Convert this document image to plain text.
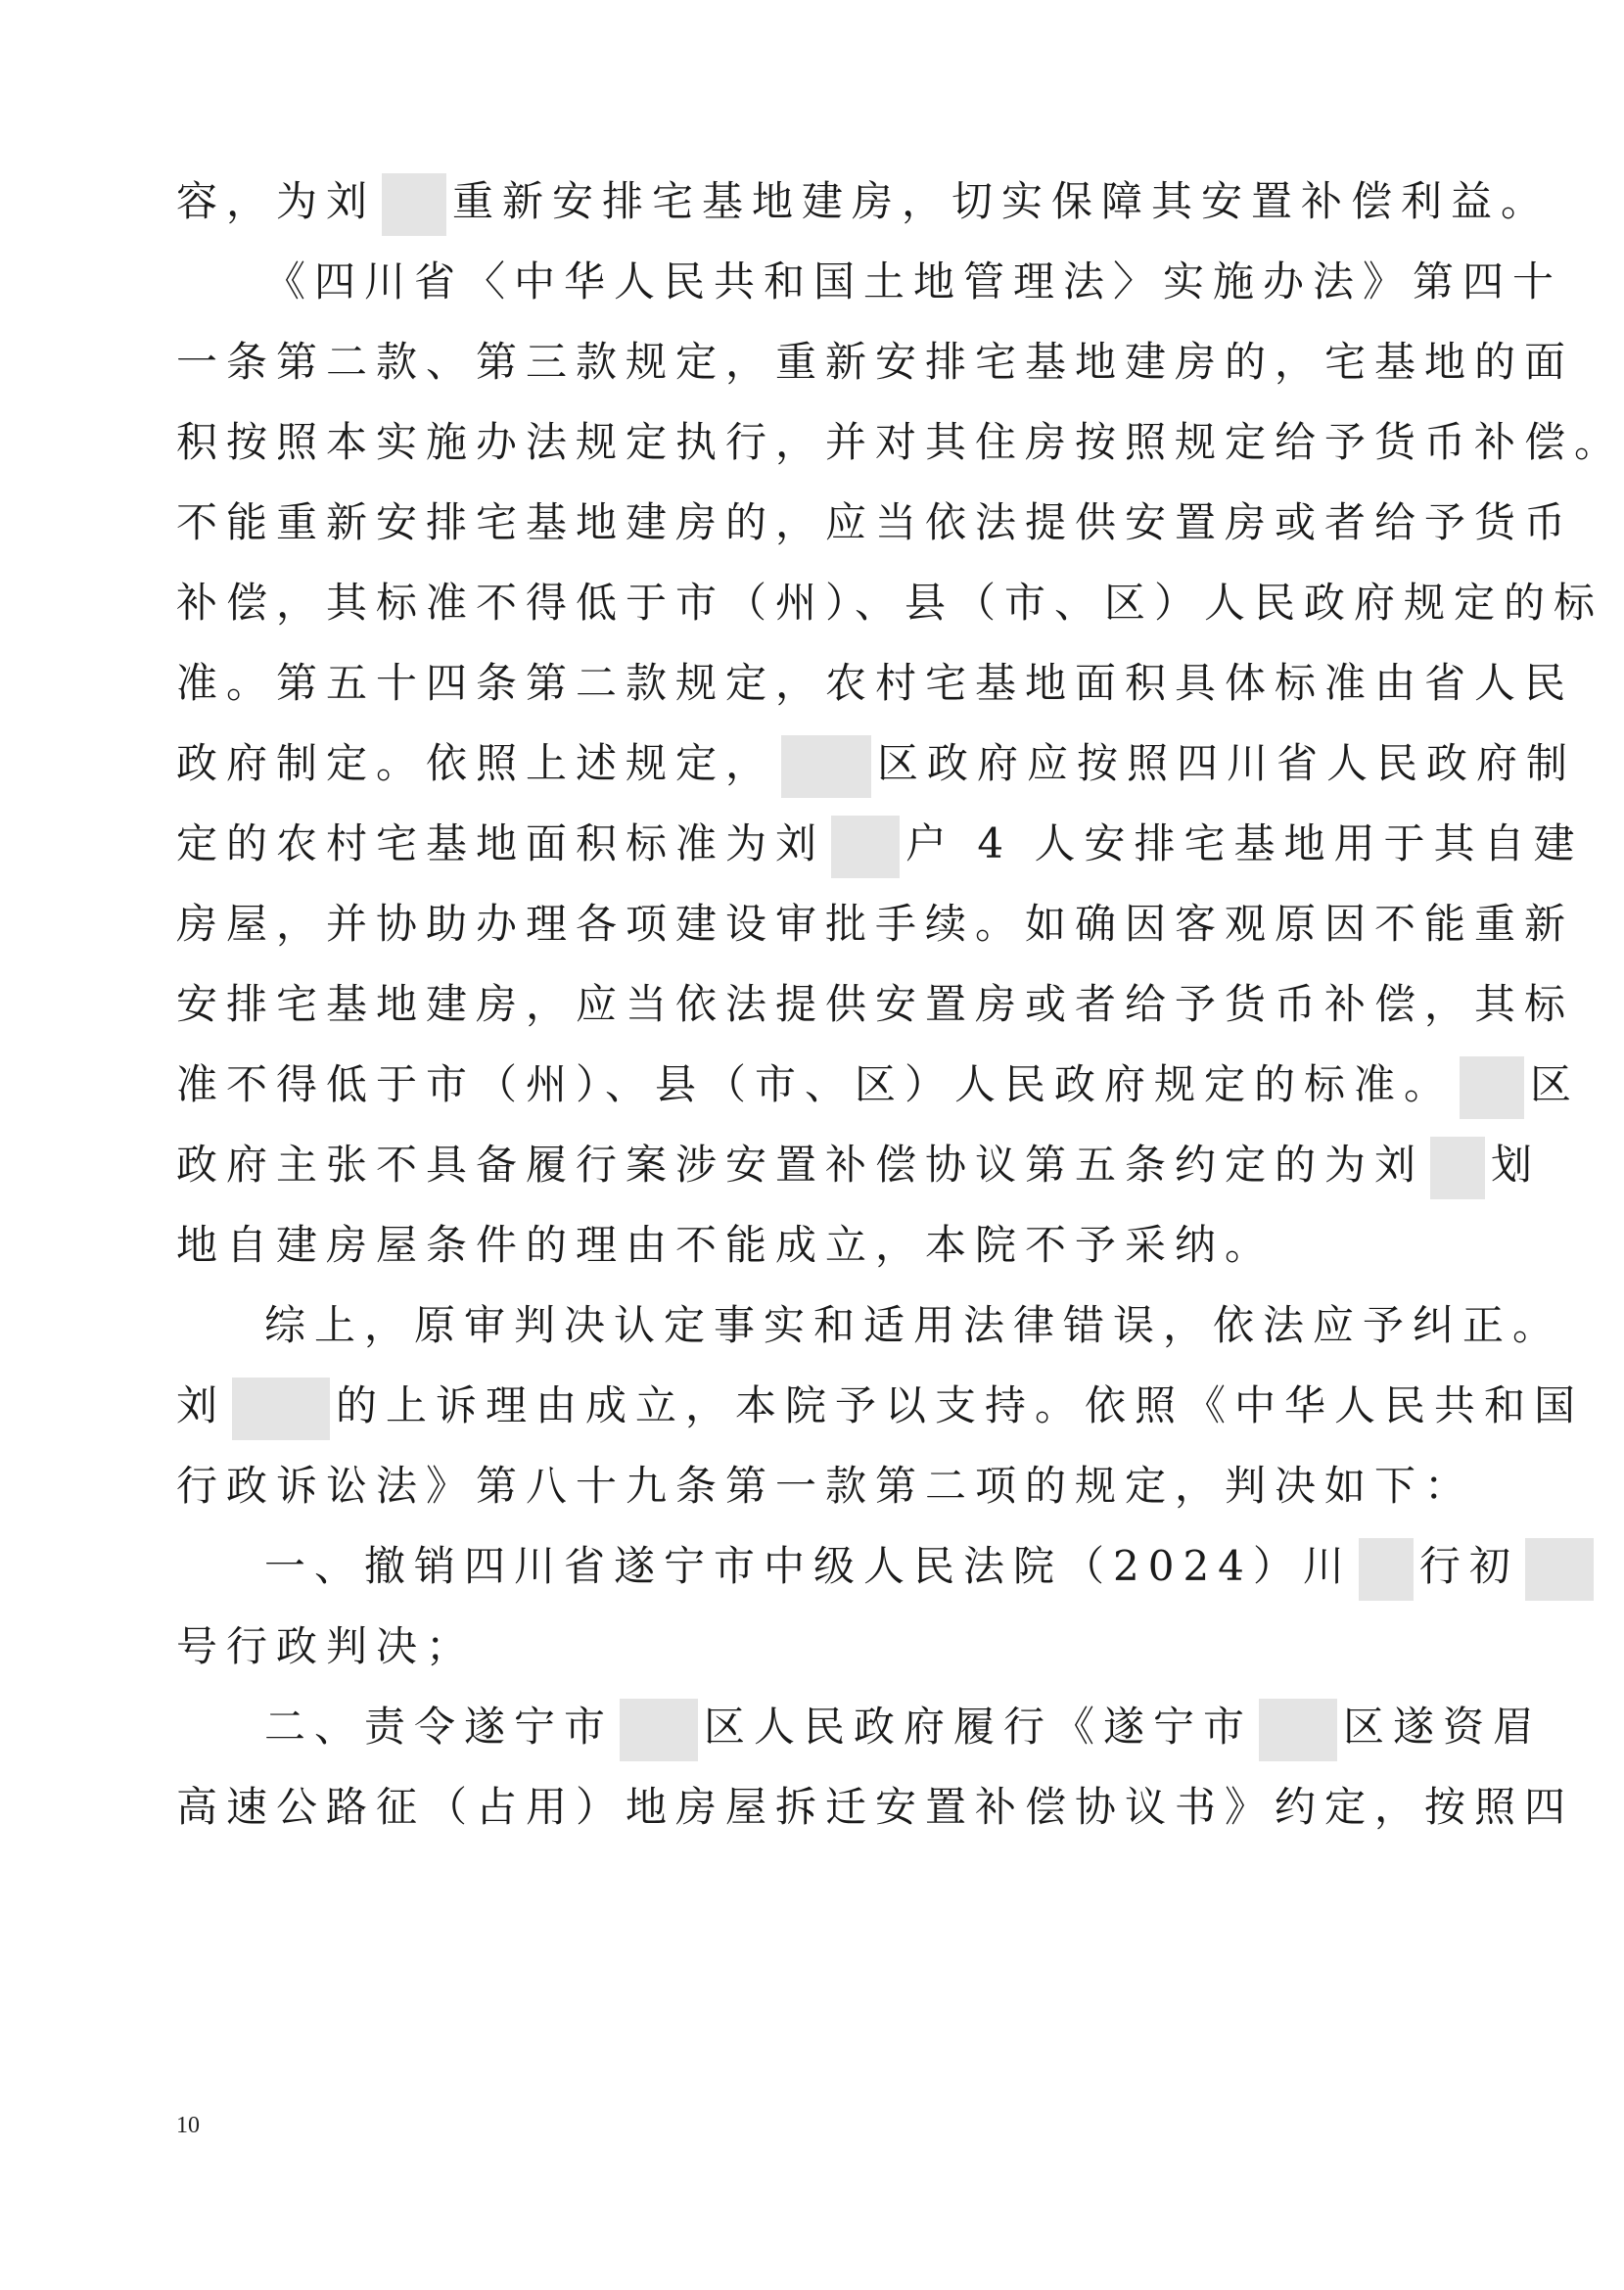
容，为刘 重新安排宅基地建房，切实保障其安置补偿利益。
《四川省〈中华人民共和国土地管理法〉实施办法》第四十
一条第二款、第三款规定，重新安排宅基地建房的，宅基地的面
积按照本实施办法规定执行，并对其住房按照规定给予货币补偿。
不能重新安排宅基地建房的，应当依法提供安置房或者给予货币
补偿，其标准不得低于市（州）、县（市、区）人民政府规定的标
准。第五十四条第二款规定，农村宅基地面积具体标准由省人民
政府制定。依照上述规定， 区政府应按照四川省人民政府制
定的农村宅基地面积标准为刘 户 4 人安排宅基地用于其自建
房屋，并协助办理各项建设审批手续。如确因客观原因不能重新
安排宅基地建房，应当依法提供安置房或者给予货币补偿，其标
准不得低于市（州）、县（市、区）人民政府规定的标准。 区
政府主张不具备履行案涉安置补偿协议第五条约定的为刘 划
地自建房屋条件的理由不能成立，本院不予采纳。
综上，原审判决认定事实和适用法律错误，依法应予纠正。
刘	的上诉理由成立，本院予以支持。依照《中华人民共和国
行政诉讼法》第八十九条第一款第二项的规定，判决如下：
一、撤销四川省遂宁市中级人民法院（2024）川 行初
号行政判决；
二、责令遂宁市 区人民政府履行《遂宁市 区遂资眉
高速公路征（占用）地房屋拆迁安置补偿协议书》约定，按照四
10
